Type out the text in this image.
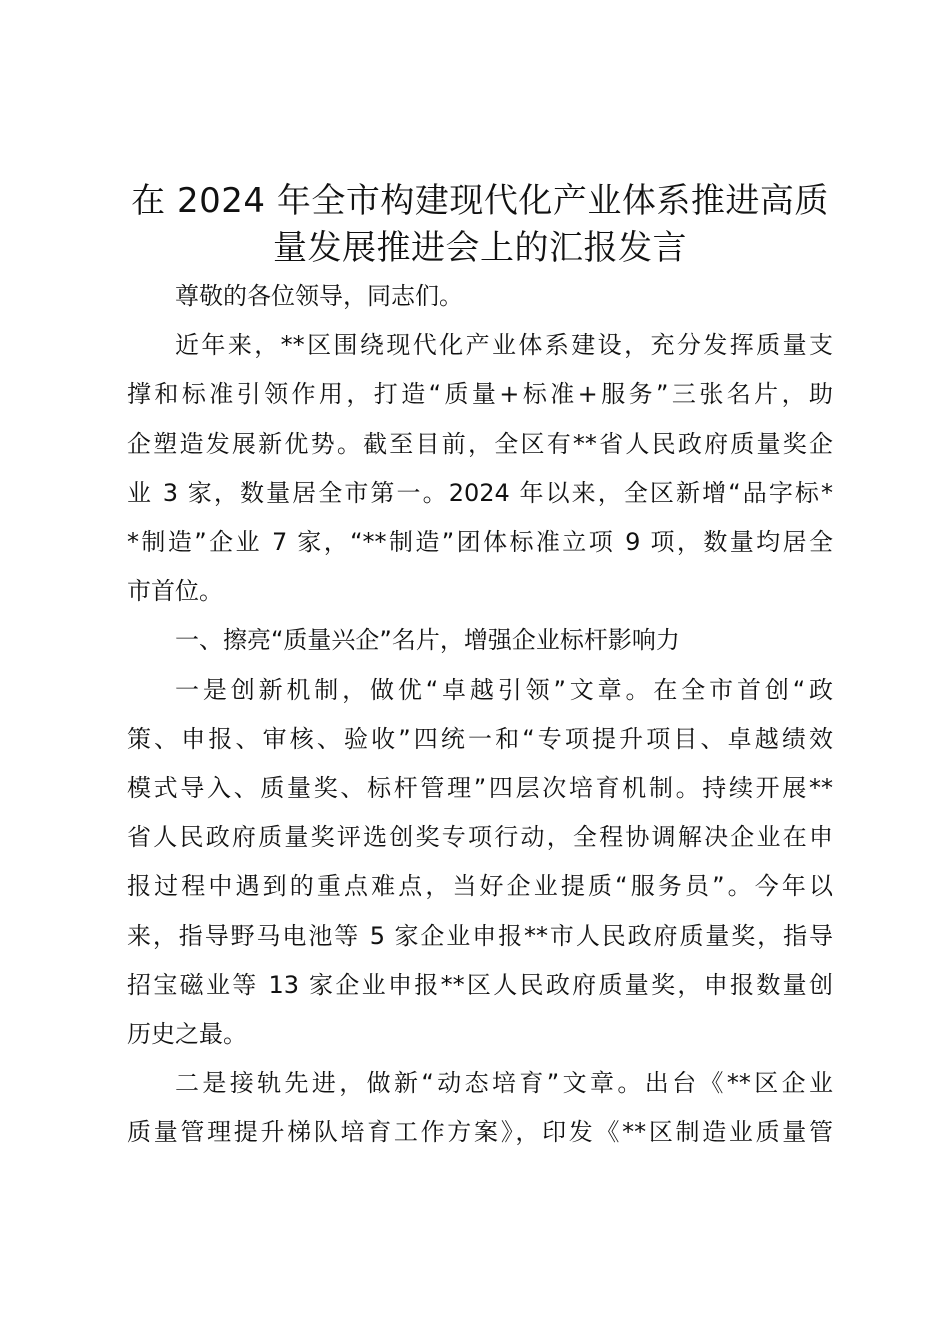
在 2024 年全市构建现代化产业体系推进高质
量发展推进会上的汇报发言

尊敬的各位领导，同志们。

近年来，**区围绕现代化产业体系建设，充分发挥质量支
撑和标准引领作用，打造“质量+标准+服务”三张名片，助
企塑造发展新优势。截至目前，全区有**省人民政府质量奖企
业 3 家，数量居全市第一。2024 年以来，全区新增“品字标*
*制造”企业 7 家，“**制造”团体标准立项 9 项，数量均居全
市首位。

一、擦亮“质量兴企”名片，增强企业标杆影响力

一是创新机制，做优“卓越引领”文章。在全市首创“政
策、申报、审核、验收”四统一和“专项提升项目、卓越绩效
模式导入、质量奖、标杆管理”四层次培育机制。持续开展**
省人民政府质量奖评选创奖专项行动，全程协调解决企业在申
报过程中遇到的重点难点，当好企业提质“服务员”。今年以
来，指导野马电池等 5 家企业申报**市人民政府质量奖，指导
招宝磁业等 13 家企业申报**区人民政府质量奖，申报数量创
历史之最。

二是接轨先进，做新“动态培育”文章。出台《**区企业
质量管理提升梯队培育工作方案》，印发《**区制造业质量管
